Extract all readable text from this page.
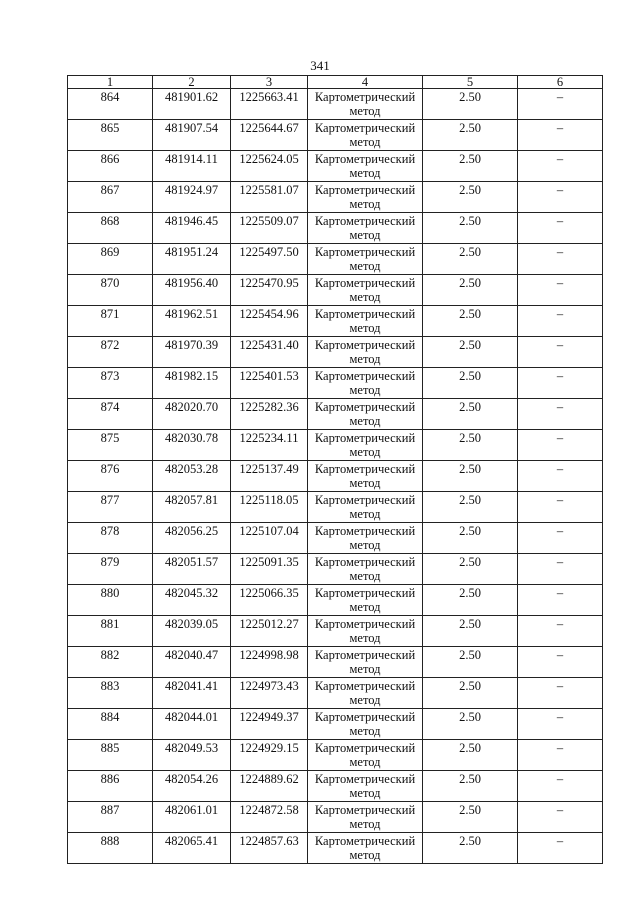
341
1	2	3	4	5	6
864	481901.62	1225663.41	Картометрический метод	2.50	–
865	481907.54	1225644.67	Картометрический метод	2.50	–
866	481914.11	1225624.05	Картометрический метод	2.50	–
867	481924.97	1225581.07	Картометрический метод	2.50	–
868	481946.45	1225509.07	Картометрический метод	2.50	–
869	481951.24	1225497.50	Картометрический метод	2.50	–
870	481956.40	1225470.95	Картометрический метод	2.50	–
871	481962.51	1225454.96	Картометрический метод	2.50	–
872	481970.39	1225431.40	Картометрический метод	2.50	–
873	481982.15	1225401.53	Картометрический метод	2.50	–
874	482020.70	1225282.36	Картометрический метод	2.50	–
875	482030.78	1225234.11	Картометрический метод	2.50	–
876	482053.28	1225137.49	Картометрический метод	2.50	–
877	482057.81	1225118.05	Картометрический метод	2.50	–
878	482056.25	1225107.04	Картометрический метод	2.50	–
879	482051.57	1225091.35	Картометрический метод	2.50	–
880	482045.32	1225066.35	Картометрический метод	2.50	–
881	482039.05	1225012.27	Картометрический метод	2.50	–
882	482040.47	1224998.98	Картометрический метод	2.50	–
883	482041.41	1224973.43	Картометрический метод	2.50	–
884	482044.01	1224949.37	Картометрический метод	2.50	–
885	482049.53	1224929.15	Картометрический метод	2.50	–
886	482054.26	1224889.62	Картометрический метод	2.50	–
887	482061.01	1224872.58	Картометрический метод	2.50	–
888	482065.41	1224857.63	Картометрический метод	2.50	–
